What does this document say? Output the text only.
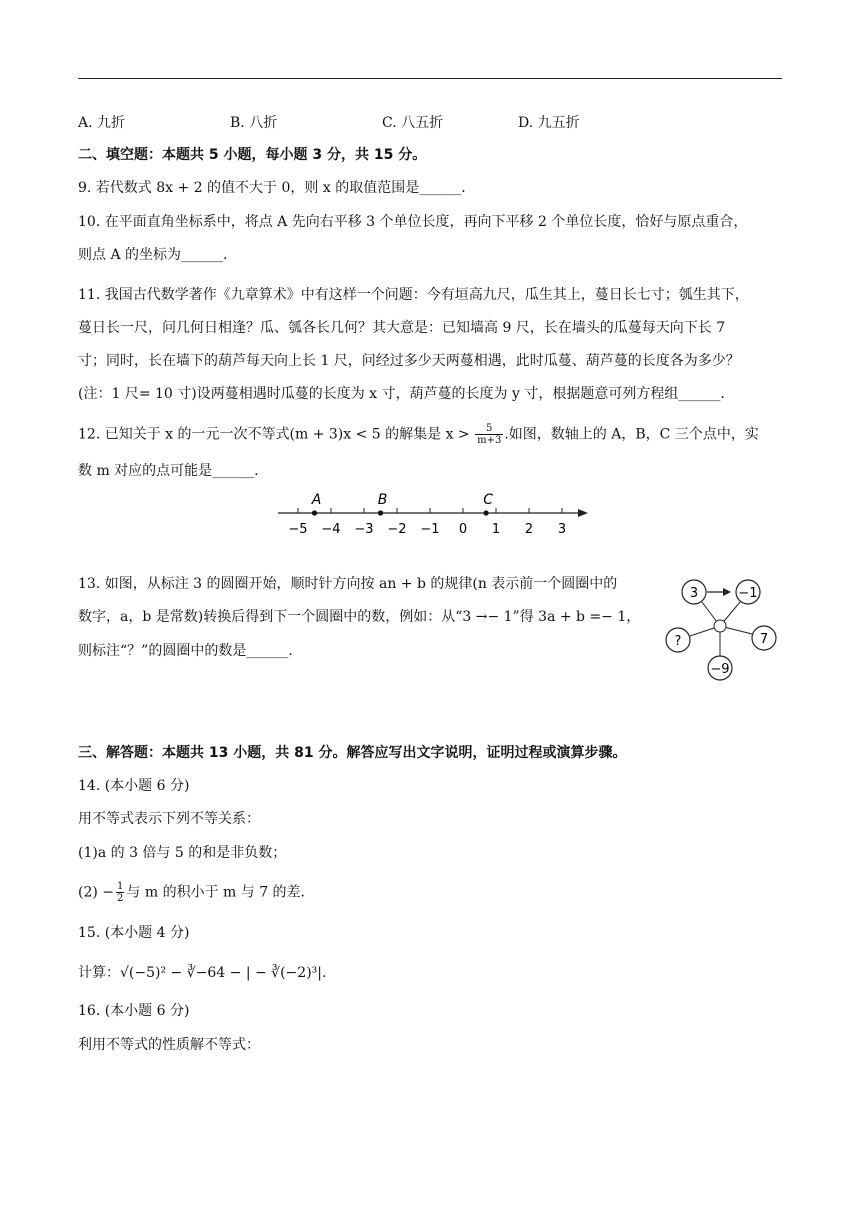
A. 九折	B. 八折	C. 八五折	D. 九五折
二、填空题：本题共 5 小题，每小题 3 分，共 15 分。
9. 若代数式 8x + 2 的值不大于 0，则 x 的取值范围是______.
10. 在平面直角坐标系中，将点 A 先向右平移 3 个单位长度，再向下平移 2 个单位长度，恰好与原点重合，
则点 A 的坐标为______.
11. 我国古代数学著作《九章算术》中有这样一个问题：今有垣高九尺，瓜生其上，蔓日长七寸；瓠生其下，
蔓日长一尺，问几何日相逢？瓜、瓠各长几何？其大意是：已知墙高 9 尺，长在墙头的瓜蔓每天向下长 7
寸；同时，长在墙下的葫芦每天向上长 1 尺，问经过多少天两蔓相遇，此时瓜蔓、葫芦蔓的长度各为多少？
(注：1 尺= 10 寸)设两蔓相遇时瓜蔓的长度为 x 寸，葫芦蔓的长度为 y 寸，根据题意可列方程组______.
12. 已知关于 x 的一元一次不等式(m + 3)x < 5 的解集是 $x > \frac{5}{m+3}$ .如图，数轴上的 A，B，C 三个点中，实
数 m 对应的点可能是______.
−5 −4 −3 −2 −1 0 1 2 3
A	B	C
13. 如图，从标注 3 的圆圈开始，顺时针方向按 an + b 的规律(n 表示前一个圆圈中的
数字，a，b 是常数)转换后得到下一个圆圈中的数，例如：从“3 →− 1”得 3a + b =− 1，
则标注“？”的圆圈中的数是______.
3	−1
7
−9
?
三、解答题：本题共 13 小题，共 81 分。解答应写出文字说明，证明过程或演算步骤。
14. (本小题 6 分)
用不等式表示下列不等关系：
(1)a 的 3 倍与 5 的和是非负数；
$(2) - \frac{1}{2}$ 与 m 的积小于 m 与 7 的差.
15. (本小题 4 分)
计算：√(−5)² − ∛−64 − | − ∛(−2)³|.
16. (本小题 6 分)
利用不等式的性质解不等式：
